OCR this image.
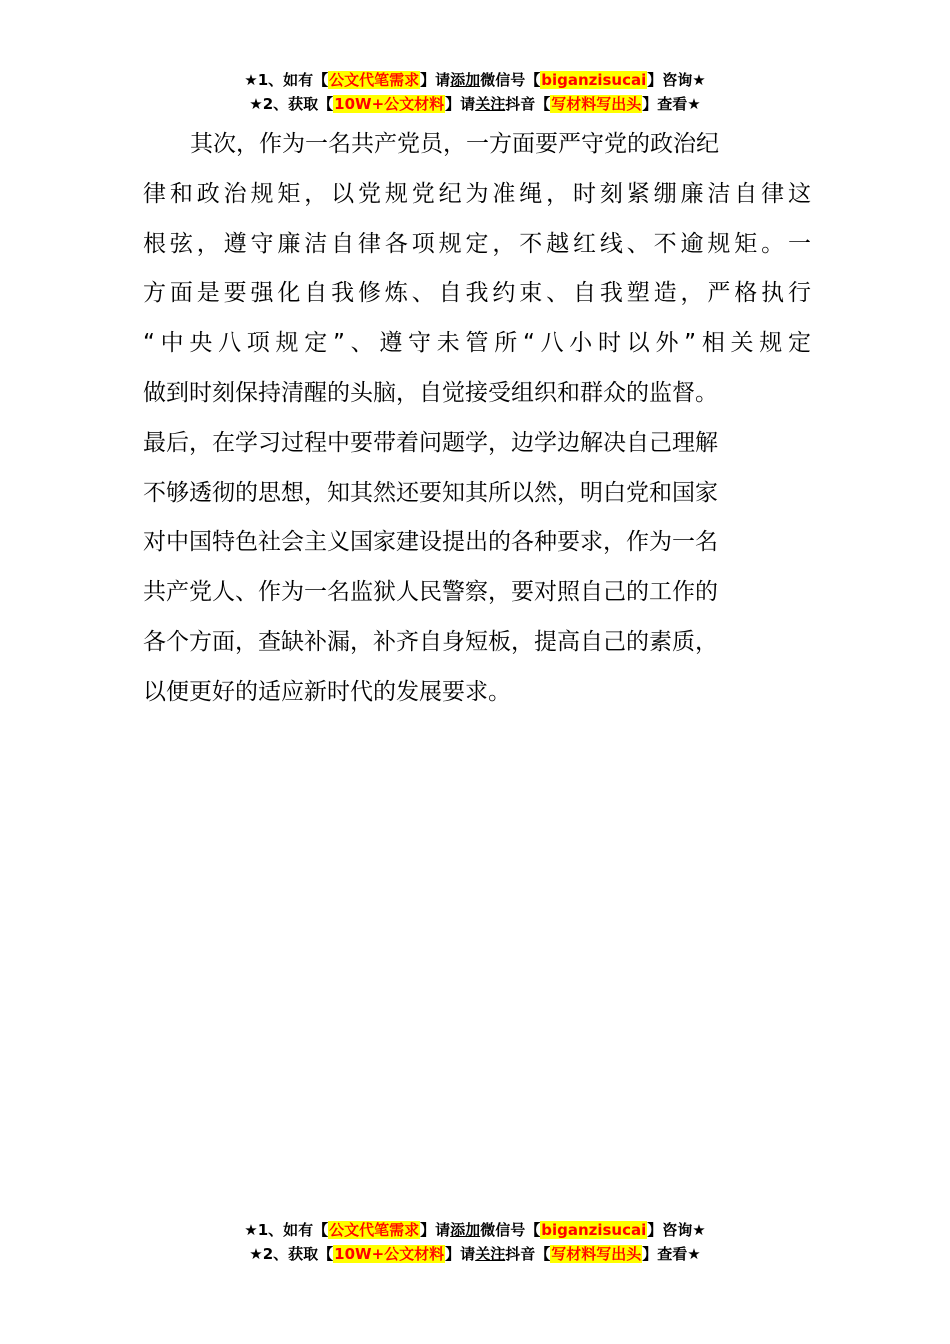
★1、如有【公文代笔需求】请添加微信号【biganzisucai】咨询★
★2、获取【10W+公文材料】请关注抖音【写材料写出头】查看★
其次，作为一名共产党员，一方面要严守党的政治纪
律和政治规矩，以党规党纪为准绳，时刻紧绷廉洁自律这
根弦，遵守廉洁自律各项规定，不越红线、不逾规矩。一
方面是要强化自我修炼、自我约束、自我塑造，严格执行
“中央八项规定”、遵守未管所“八小时以外”相关规定
做到时刻保持清醒的头脑，自觉接受组织和群众的监督。
最后，在学习过程中要带着问题学，边学边解决自己理解
不够透彻的思想，知其然还要知其所以然，明白党和国家
对中国特色社会主义国家建设提出的各种要求，作为一名
共产党人、作为一名监狱人民警察，要对照自己的工作的
各个方面，查缺补漏，补齐自身短板，提高自己的素质，
以便更好的适应新时代的发展要求。
★1、如有【公文代笔需求】请添加微信号【biganzisucai】咨询★
★2、获取【10W+公文材料】请关注抖音【写材料写出头】查看★
